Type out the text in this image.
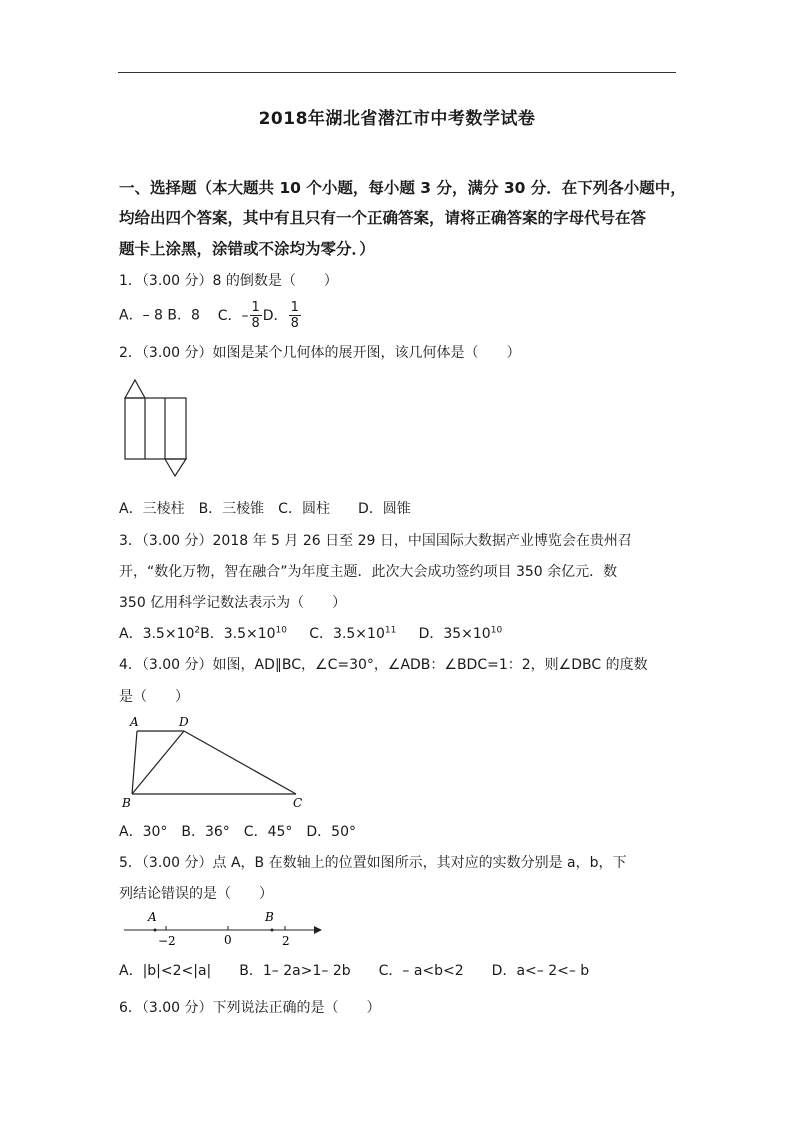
2018年湖北省潜江市中考数学试卷
一、选择题（本大题共 10 个小题，每小题 3 分，满分 30 分．在下列各小题中，
均给出四个答案，其中有且只有一个正确答案，请将正确答案的字母代号在答
题卡上涂黑，涂错或不涂均为零分．）
1．（3.00 分）8 的倒数是（　　）
A．– 8 B．8 C．– $\frac{1}{8}$ D． $\frac{1}{8}$
2．（3.00 分）如图是某个几何体的展开图，该几何体是（　　）
A．三棱柱　B．三棱锥　C．圆柱　　D．圆锥
3．（3.00 分）2018 年 5 月 26 日至 29 日，中国国际大数据产业博览会在贵州召
开，“数化万物，智在融合”为年度主题．此次大会成功签约项目 350 余亿元．数
350 亿用科学记数法表示为（　　）
A．$3.5\times 10^2B$．$3.5\times 10^{10}$ C．$3.5\times 10^{11}$ D．$35\times 10^{10}$
4．（3.00 分）如图，AD∥BC，∠C=30°，∠ADB：∠BDC=1：2，则∠DBC 的度数
是（　　）
A	D
B	C
A．30°　B．36°　C．45°　D．50°
5．（3.00 分）点 A，B 在数轴上的位置如图所示，其对应的实数分别是 a，b，下
列结论错误的是（　　）
A	B
−2	0	2
A．|b|<2<|a|　　B．1– 2a>1– 2b　　C．– a<b<2　　D．a<– 2<– b
6．（3.00 分）下列说法正确的是（　　）
